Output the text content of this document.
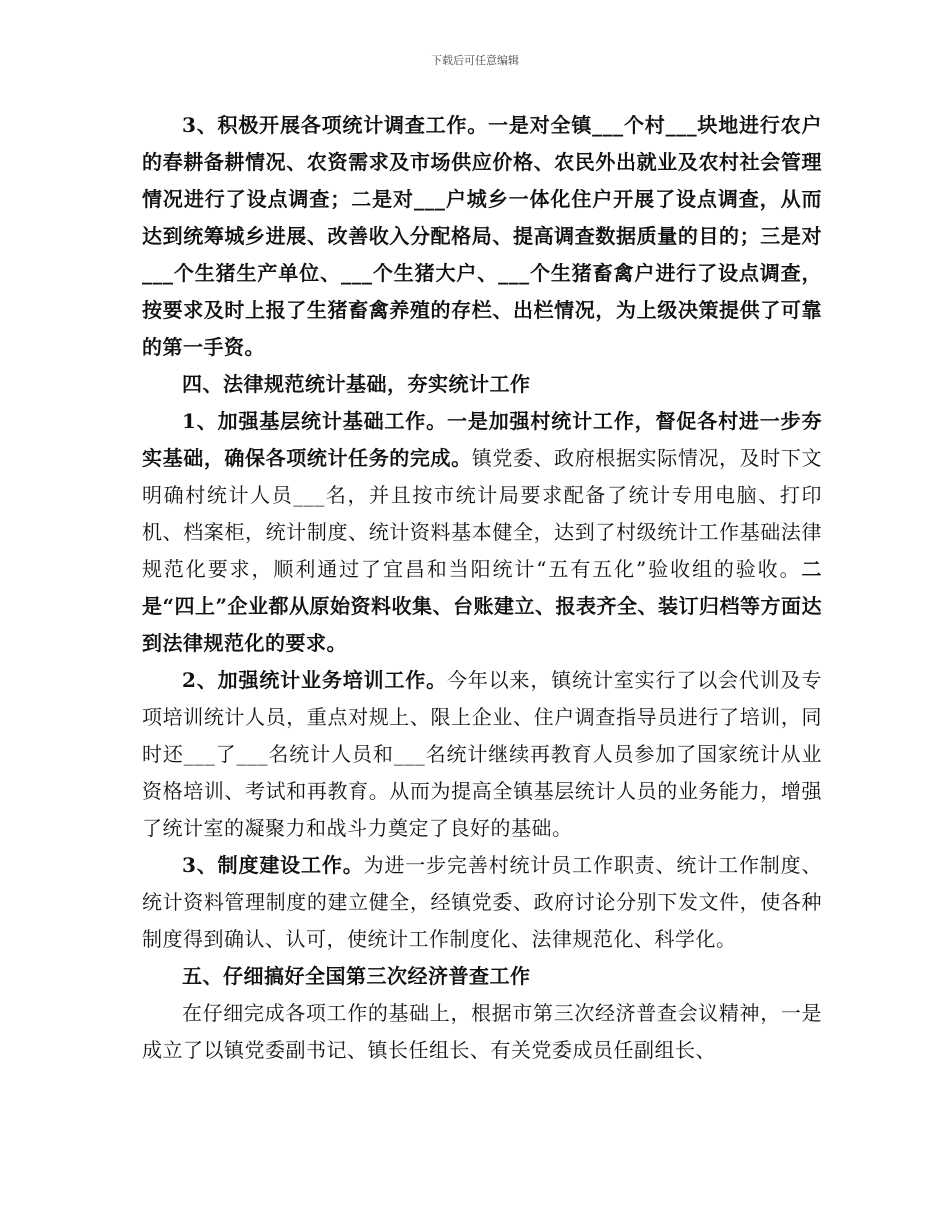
下载后可任意编辑

3、积极开展各项统计调查工作。一是对全镇___个村___块地进行农户的春耕备耕情况、农资需求及市场供应价格、农民外出就业及农村社会管理情况进行了设点调查；二是对___户城乡一体化住户开展了设点调查，从而达到统筹城乡进展、改善收入分配格局、提高调查数据质量的目的；三是对___个生猪生产单位、___个生猪大户、___个生猪畜禽户进行了设点调查，按要求及时上报了生猪畜禽养殖的存栏、出栏情况，为上级决策提供了可靠的第一手资。

四、法律规范统计基础，夯实统计工作

1、加强基层统计基础工作。一是加强村统计工作，督促各村进一步夯实基础，确保各项统计任务的完成。镇党委、政府根据实际情况，及时下文明确村统计人员___名，并且按市统计局要求配备了统计专用电脑、打印机、档案柜，统计制度、统计资料基本健全，达到了村级统计工作基础法律规范化要求，顺利通过了宜昌和当阳统计“五有五化”验收组的验收。二是“四上”企业都从原始资料收集、台账建立、报表齐全、装订归档等方面达到法律规范化的要求。

2、加强统计业务培训工作。今年以来，镇统计室实行了以会代训及专项培训统计人员，重点对规上、限上企业、住户调查指导员进行了培训，同时还___了___名统计人员和___名统计继续再教育人员参加了国家统计从业资格培训、考试和再教育。从而为提高全镇基层统计人员的业务能力，增强了统计室的凝聚力和战斗力奠定了良好的基础。

3、制度建设工作。为进一步完善村统计员工作职责、统计工作制度、统计资料管理制度的建立健全，经镇党委、政府讨论分别下发文件，使各种制度得到确认、认可，使统计工作制度化、法律规范化、科学化。

五、仔细搞好全国第三次经济普查工作

在仔细完成各项工作的基础上，根据市第三次经济普查会议精神，一是成立了以镇党委副书记、镇长任组长、有关党委成员任副组长、
